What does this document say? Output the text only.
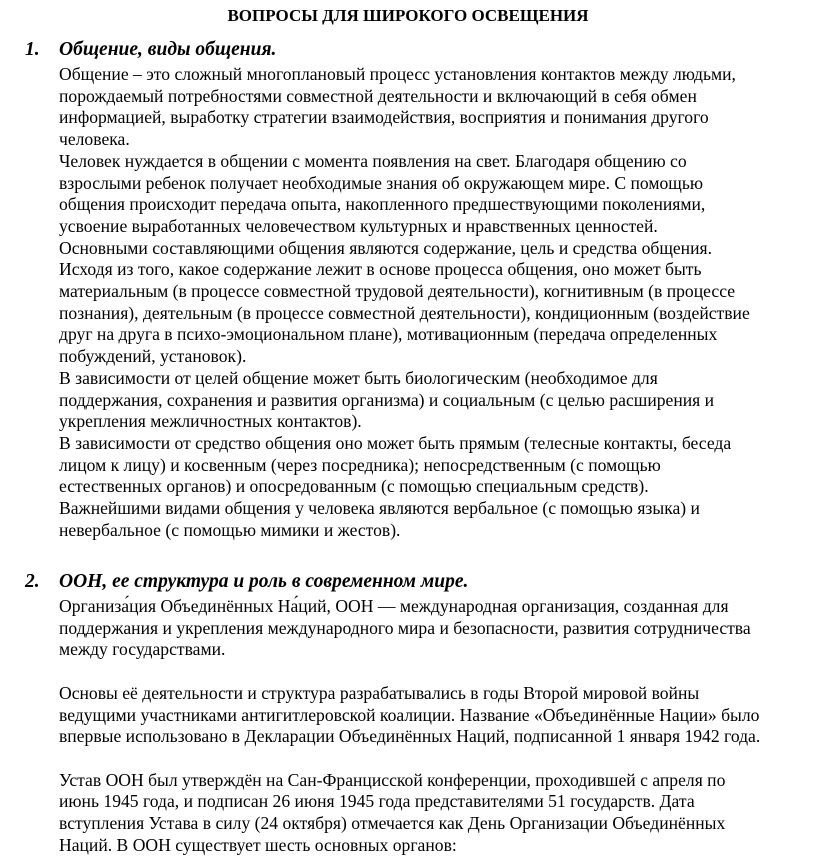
ВОПРОСЫ ДЛЯ ШИРОКОГО ОСВЕЩЕНИЯ
1. Общение, виды общения.
Общение – это сложный многоплановый процесс установления контактов между людьми,
порождаемый потребностями совместной деятельности и включающий в себя обмен
информацией, выработку стратегии взаимодействия, восприятия и понимания другого
человека.
Человек нуждается в общении с момента появления на свет. Благодаря общению со
взрослыми ребенок получает необходимые знания об окружающем мире. С помощью
общения происходит передача опыта, накопленного предшествующими поколениями,
усвоение выработанных человечеством культурных и нравственных ценностей.
Основными составляющими общения являются содержание, цель и средства общения.
Исходя из того, какое содержание лежит в основе процесса общения, оно может быть
материальным (в процессе совместной трудовой деятельности), когнитивным (в процессе
познания), деятельным (в процессе совместной деятельности), кондиционным (воздействие
друг на друга в психо-эмоциональном плане), мотивационным (передача определенных
побуждений, установок).
В зависимости от целей общение может быть биологическим (необходимое для
поддержания, сохранения и развития организма) и социальным (с целью расширения и
укрепления межличностных контактов).
В зависимости от средство общения оно может быть прямым (телесные контакты, беседа
лицом к лицу) и косвенным (через посредника); непосредственным (с помощью
естественных органов) и опосредованным (с помощью специальным средств).
Важнейшими видами общения у человека являются вербальное (с помощью языка) и
невербальное (с помощью мимики и жестов).
2. ООН, ее структура и роль в современном мире.
Организа́ция Объединённых На́ций, ООН — международная организация, созданная для
поддержания и укрепления международного мира и безопасности, развития сотрудничества
между государствами.
Основы её деятельности и структура разрабатывались в годы Второй мировой войны
ведущими участниками антигитлеровской коалиции. Название «Объединённые Нации» было
впервые использовано в Декларации Объединённых Наций, подписанной 1 января 1942 года.
Устав ООН был утверждён на Сан-Францисской конференции, проходившей с апреля по
июнь 1945 года, и подписан 26 июня 1945 года представителями 51 государств. Дата
вступления Устава в силу (24 октября) отмечается как День Организации Объединённых
Наций. В ООН существует шесть основных органов:
